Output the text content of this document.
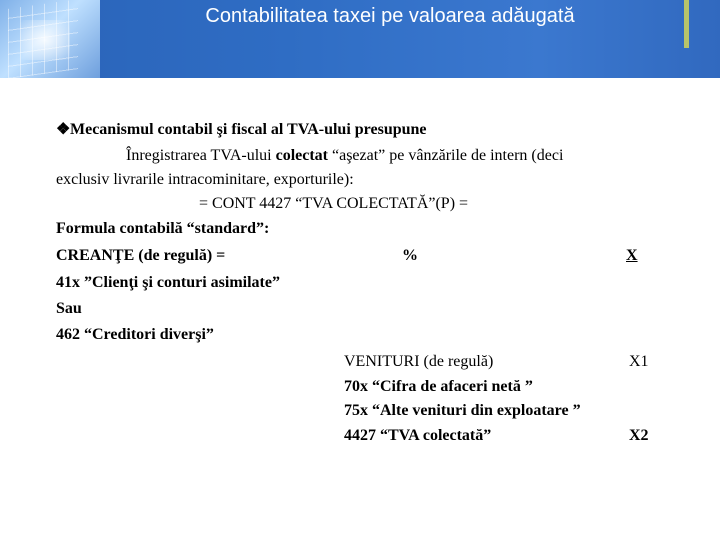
Contabilitatea taxei pe valoarea adăugată
❖Mecanismul contabil şi fiscal al TVA-ului presupune
Înregistrarea TVA-ului colectat “aşezat” pe vânzările de intern (deci
exclusiv livrarile intracominitare, exporturile):
= CONT 4427 “TVA COLECTATĂ”(P) =
Formula contabilă “standard”:
CREANŢE (de regulă) =	%	X
41x ”Clienţi şi conturi asimilate”
Sau
462 “Creditori diverşi”
VENITURI (de regulă)	X1
70x “Cifra de afaceri netă ”
75x “Alte venituri din exploatare ”
4427 “TVA colectată”	X2
